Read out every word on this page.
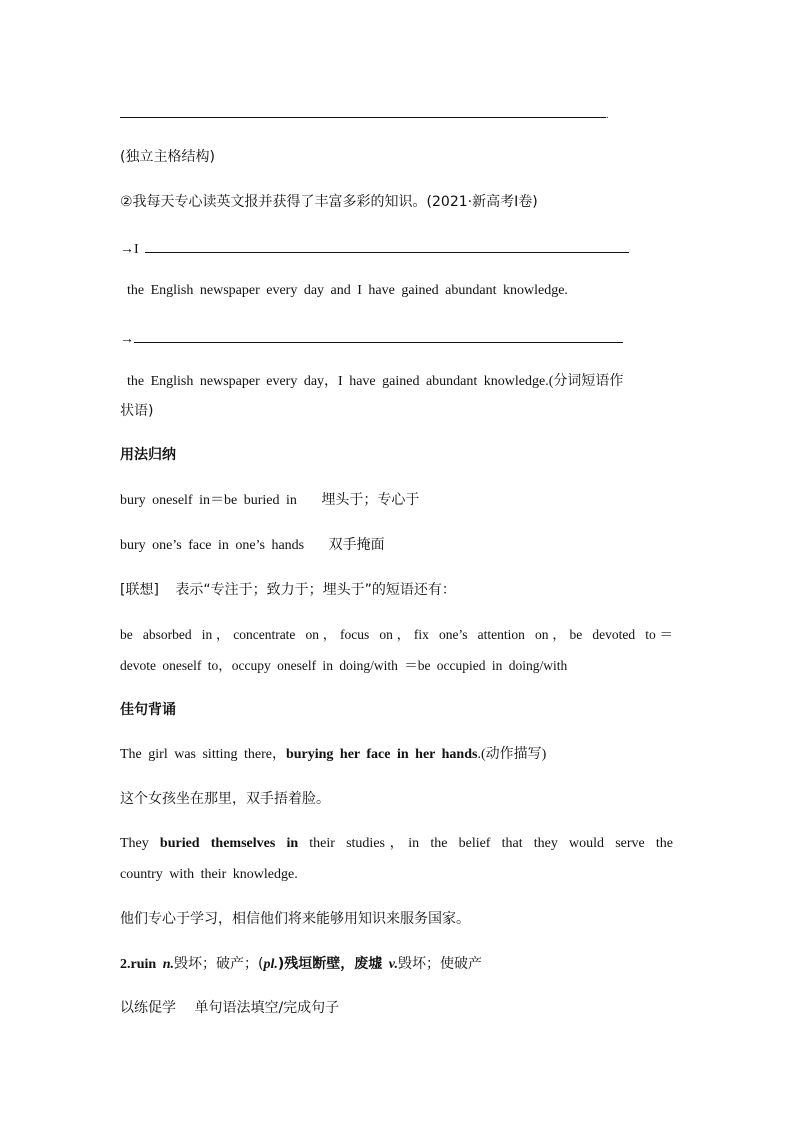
.
(独立主格结构)
②我每天专心读英文报并获得了丰富多彩的知识。(2021·新高考Ⅰ卷)
→I
the English newspaper every day and I have gained abundant knowledge.
→
the English newspaper every day，I have gained abundant knowledge.(分词短语作
状语)
用法归纳
bury oneself in＝be buried in 埋头于；专心于
bury one’s face in one’s hands 双手掩面
[联想] 表示“专注于；致力于；埋头于”的短语还有：
be absorbed in，concentrate on，focus on，fix one’s attention on，be devoted to＝
devote oneself to，occupy oneself in doing/with ＝be occupied in doing/with
佳句背诵
The girl was sitting there，burying her face in her hands.(动作描写)
这个女孩坐在那里，双手捂着脸。
They buried themselves in their studies，in the belief that they would serve the
country with their knowledge.
他们专心于学习，相信他们将来能够用知识来服务国家。
2.ruin n.毁坏；破产；(pl.)残垣断壁，废墟 v.毁坏；使破产
以练促学 单句语法填空/完成句子
